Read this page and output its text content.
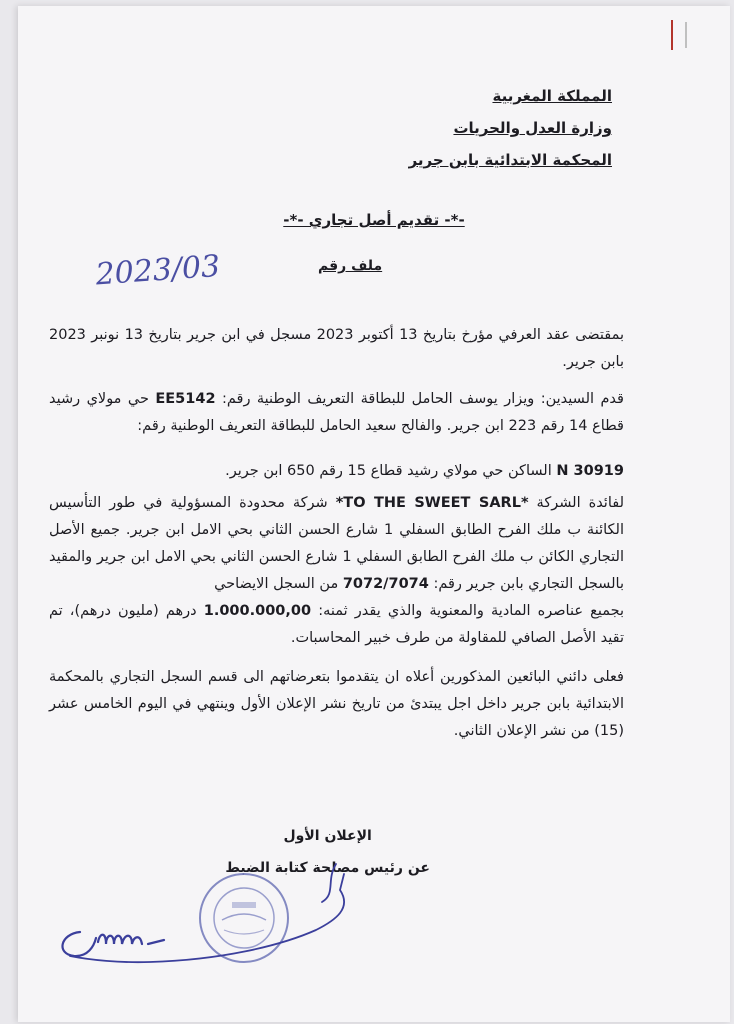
المملكة المغربية
وزارة العدل والحريات
المحكمة الابتدائية بابن جرير
-*- تقديم أصل تجاري -*-
ملف رقم
2023/03
بمقتضى عقد العرفي مؤرخ بتاريخ 13 أكتوبر 2023 مسجل في ابن جرير بتاريخ 13 نونبر 2023 بابن جرير.
قدم السيدين: ويزار يوسف الحامل للبطاقة التعريف الوطنية رقم: EE5142 حي مولاي رشيد قطاع 14 رقم 223 ابن جرير. والفالح سعيد الحامل للبطاقة التعريف الوطنية رقم:
N 30919 الساكن حي مولاي رشيد قطاع 15 رقم 650 ابن جرير.
لفائدة الشركة *TO THE SWEET SARL* شركة محدودة المسؤولية في طور التأسيس الكائنة ب ملك الفرح الطابق السفلي 1 شارع الحسن الثاني بحي الامل ابن جرير. جميع الأصل التجاري الكائن ب ملك الفرح الطابق السفلي 1 شارع الحسن الثاني بحي الامل ابن جرير والمقيد بالسجل التجاري بابن جرير رقم: 7072/7074 من السجل الايضاحي
بجميع عناصره المادية والمعنوية والذي يقدر ثمنه: 1.000.000,00 درهم (مليون درهم)، تم تقيد الأصل الصافي للمقاولة من طرف خبير المحاسبات.
فعلى دائني البائعين المذكورين أعلاه ان يتقدموا بتعرضاتهم الى قسم السجل التجاري بالمحكمة الابتدائية بابن جرير داخل اجل يبتدئ من تاريخ نشر الإعلان الأول وينتهي في اليوم الخامس عشر (15) من نشر الإعلان الثاني.
الإعلان الأول
عن رئيس مصلحة كتابة الضبط
